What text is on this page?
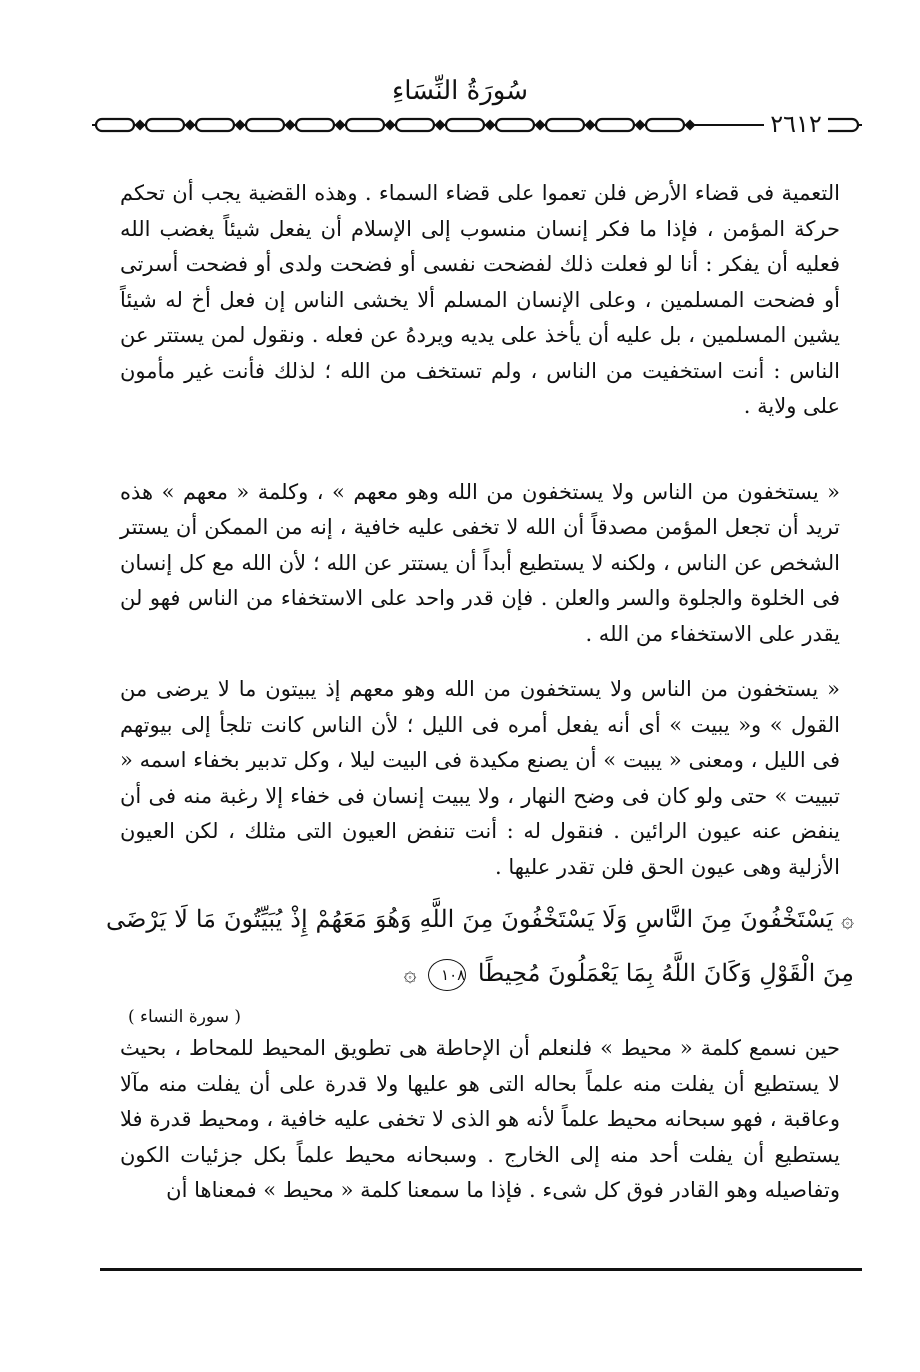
سُورَةُ النِّسَاءِ
٢٦١٢

التعمية فى قضاء الأرض فلن تعموا على قضاء السماء . وهذه القضية يجب أن تحكم حركة المؤمن ، فإذا ما فكر إنسان منسوب إلى الإسلام أن يفعل شيئاً يغضب الله فعليه أن يفكر : أنا لو فعلت ذلك لفضحت نفسى أو فضحت ولدى أو فضحت أسرتى أو فضحت المسلمين ، وعلى الإنسان المسلم ألا يخشى الناس إن فعل أخ له شيئاً يشين المسلمين ، بل عليه أن يأخذ على يديه ويردهُ عن فعله . ونقول لمن يستتر عن الناس : أنت استخفيت من الناس ، ولم تستخف من الله ؛ لذلك فأنت غير مأمون على ولاية .

« يستخفون من الناس ولا يستخفون من الله وهو معهم » ، وكلمة « معهم » هذه تريد أن تجعل المؤمن مصدقاً أن الله لا تخفى عليه خافية ، إنه من الممكن أن يستتر الشخص عن الناس ، ولكنه لا يستطيع أبداً أن يستتر عن الله ؛ لأن الله مع كل إنسان فى الخلوة والجلوة والسر والعلن . فإن قدر واحد على الاستخفاء من الناس فهو لن يقدر على الاستخفاء من الله .

« يستخفون من الناس ولا يستخفون من الله وهو معهم إذ يبيتون ما لا يرضى من القول » و« يبيت » أى أنه يفعل أمره فى الليل ؛ لأن الناس كانت تلجأ إلى بيوتهم فى الليل ، ومعنى « يبيت » أن يصنع مكيدة فى البيت ليلا ، وكل تدبير بخفاء اسمه « تبييت » حتى ولو كان فى وضح النهار ، ولا يبيت إنسان فى خفاء إلا رغبة منه فى أن ينفض عنه عيون الرائين . فنقول له : أنت تنفض العيون التى مثلك ، لكن العيون الأزلية وهى عيون الحق فلن تقدر عليها .

۞ يَسْتَخْفُونَ مِنَ النَّاسِ وَلَا يَسْتَخْفُونَ مِنَ اللَّهِ وَهُوَ مَعَهُمْ إِذْ يُبَيِّتُونَ مَا لَا يَرْضَى مِنَ الْقَوْلِ وَكَانَ اللَّهُ بِمَا يَعْمَلُونَ مُحِيطًا ١٠٨ ۞
( سورة النساء )

حين نسمع كلمة « محيط » فلنعلم أن الإحاطة هى تطويق المحيط للمحاط ، بحيث لا يستطيع أن يفلت منه علماً بحاله التى هو عليها ولا قدرة على أن يفلت منه مآلا وعاقبة ، فهو سبحانه محيط علماً لأنه هو الذى لا تخفى عليه خافية ، ومحيط قدرة فلا يستطيع أن يفلت أحد منه إلى الخارج . وسبحانه محيط علماً بكل جزئيات الكون وتفاصيله وهو القادر فوق كل شىء . فإذا ما سمعنا كلمة « محيط » فمعناها أن
